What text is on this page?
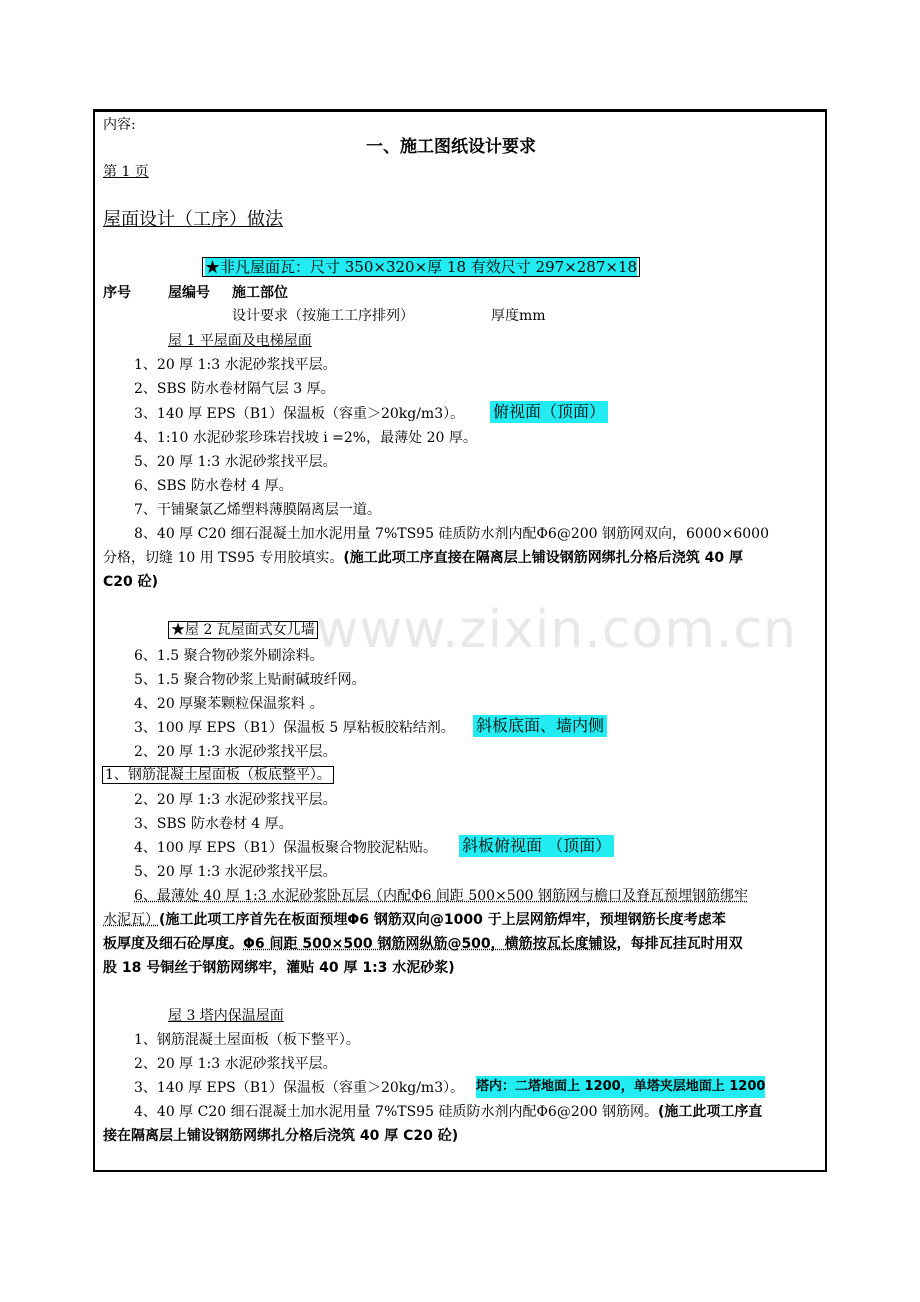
www.zixin.com.cn
内容:
一、施工图纸设计要求
第 1 页
屋面设计（工序）做法
★非凡屋面瓦：尺寸 350×320×厚 18 有效尺寸 297×287×18
序号	屋编号 施工部位
设计要求（按施工工序排列）	厚度mm
屋 1 平屋面及电梯屋面
1、20 厚 1:3 水泥砂浆找平层。
2、SBS 防水卷材隔气层 3 厚。
3、140 厚 EPS（B1）保温板（容重＞20kg/m3）。 俯视面（顶面）
4、1:10 水泥砂浆珍珠岩找坡 i =2%，最薄处 20 厚。
5、20 厚 1:3 水泥砂浆找平层。
6、SBS 防水卷材 4 厚。
7、干铺聚氯乙烯塑料薄膜隔离层一道。
8、40 厚 C20 细石混凝土加水泥用量 7%TS95 硅质防水剂内配Φ6@200 钢筋网双向，6000×6000
分格，切缝 10 用 TS95 专用胶填实。(施工此项工序直接在隔离层上铺设钢筋网绑扎分格后浇筑 40 厚
C20 砼)
★屋 2 瓦屋面式女儿墙
6、1.5 聚合物砂浆外刷涂料。
5、1.5 聚合物砂浆上贴耐碱玻纤网。
4、20 厚聚苯颗粒保温浆料 。
3、100 厚 EPS（B1）保温板 5 厚粘板胶粘结剂。 斜板底面、墙内侧
2、20 厚 1:3 水泥砂浆找平层。
1、钢筋混凝土屋面板（板底整平）。
2、20 厚 1:3 水泥砂浆找平层。
3、SBS 防水卷材 4 厚。
4、100 厚 EPS（B1）保温板聚合物胶泥粘贴。 斜板俯视面 （顶面）
5、20 厚 1:3 水泥砂浆找平层。
6、最薄处 40 厚 1:3 水泥砂浆卧瓦层（内配Φ6 间距 500×500 钢筋网与檐口及脊瓦预埋钢筋绑牢
水泥瓦）(施工此项工序首先在板面预埋Φ6 钢筋双向@1000 于上层网筋焊牢，预埋钢筋长度考虑苯
板厚度及细石砼厚度。Φ6 间距 500×500 钢筋网纵筋@500，横筋按瓦长度铺设，每排瓦挂瓦时用双
股 18 号铜丝于钢筋网绑牢，灌贴 40 厚 1:3 水泥砂浆)
屋 3 塔内保温屋面
1、钢筋混凝土屋面板（板下整平）。
2、20 厚 1:3 水泥砂浆找平层。
3、140 厚 EPS（B1）保温板（容重＞20kg/m3）。 塔内：二塔地面上 1200，单塔夹层地面上 1200
4、40 厚 C20 细石混凝土加水泥用量 7%TS95 硅质防水剂内配Φ6@200 钢筋网。(施工此项工序直
接在隔离层上铺设钢筋网绑扎分格后浇筑 40 厚 C20 砼)
